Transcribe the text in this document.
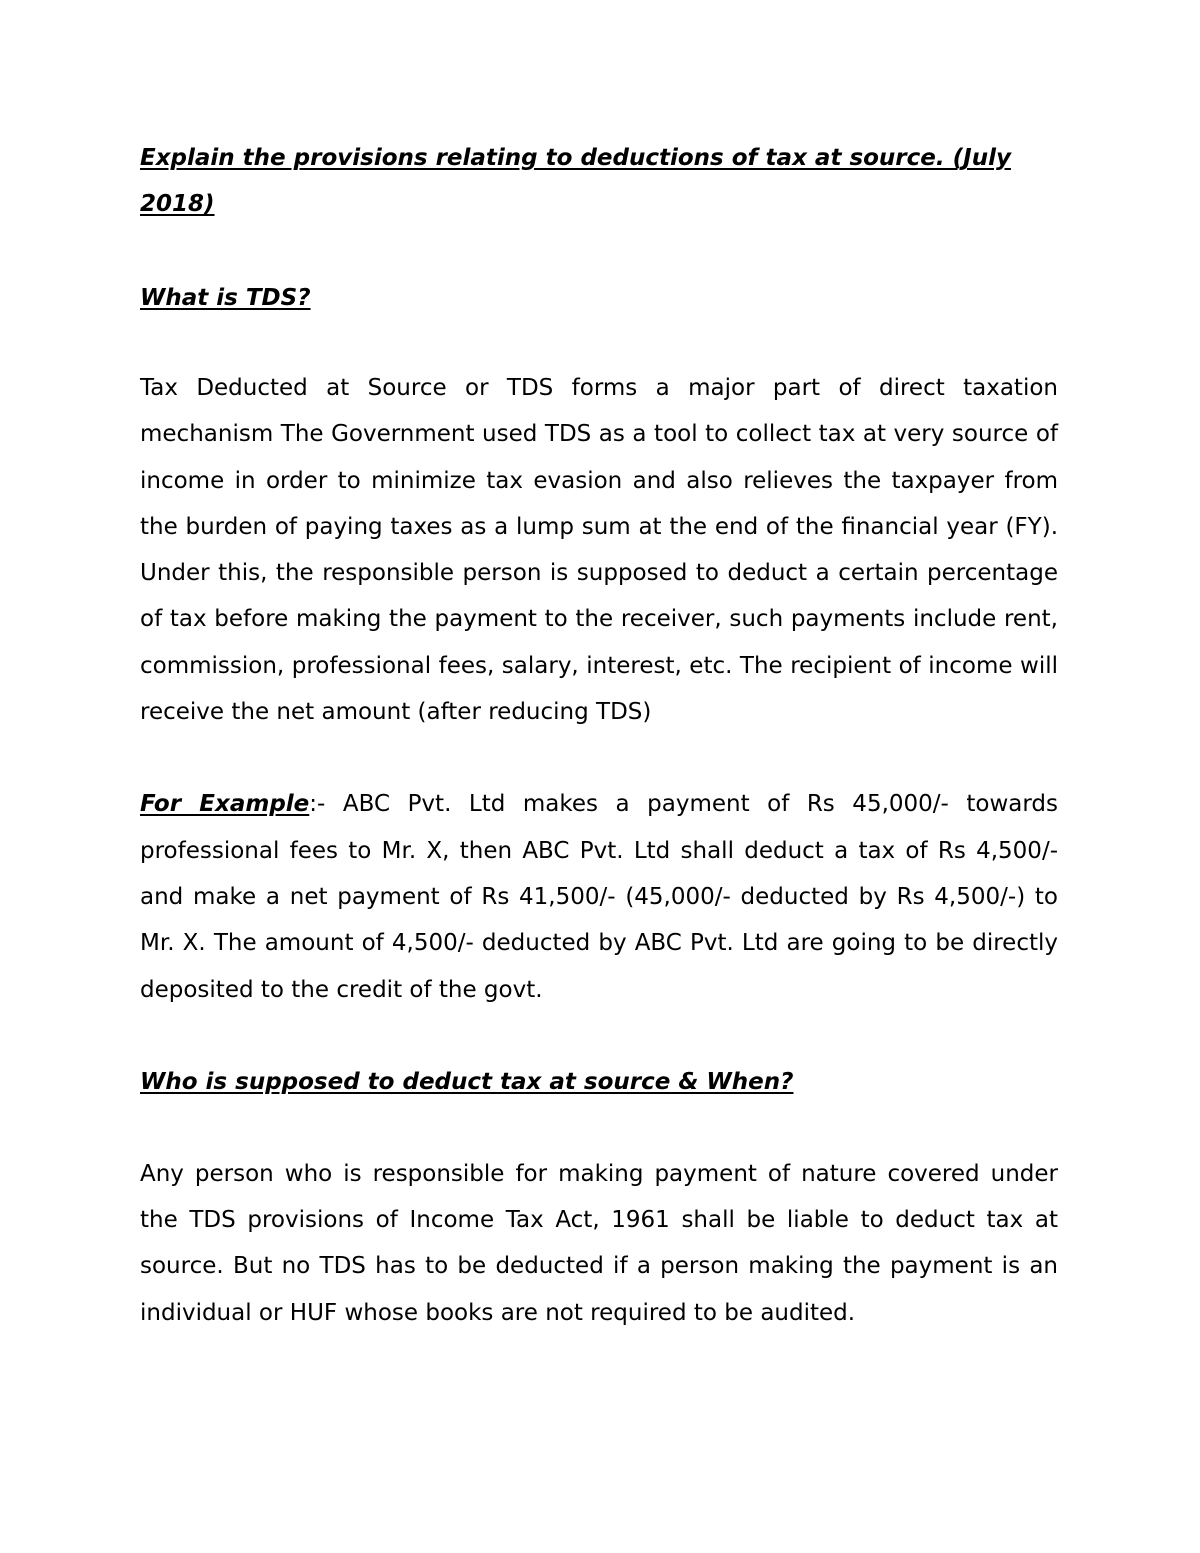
Explain the provisions relating to deductions of tax at source. (July 2018)

What is TDS?

Tax Deducted at Source or TDS forms a major part of direct taxation mechanism The Government used TDS as a tool to collect tax at very source of income in order to minimize tax evasion and also relieves the taxpayer from the burden of paying taxes as a lump sum at the end of the financial year (FY). Under this, the responsible person is supposed to deduct a certain percentage of tax before making the payment to the receiver, such payments include rent, commission, professional fees, salary, interest, etc. The recipient of income will receive the net amount (after reducing TDS)

For Example:- ABC Pvt. Ltd makes a payment of Rs 45,000/- towards professional fees to Mr. X, then ABC Pvt. Ltd shall deduct a tax of Rs 4,500/- and make a net payment of Rs 41,500/- (45,000/- deducted by Rs 4,500/-) to Mr. X. The amount of 4,500/- deducted by ABC Pvt. Ltd are going to be directly deposited to the credit of the govt.

Who is supposed to deduct tax at source & When?

Any person who is responsible for making payment of nature covered under the TDS provisions of Income Tax Act, 1961 shall be liable to deduct tax at source. But no TDS has to be deducted if a person making the payment is an individual or HUF whose books are not required to be audited.
